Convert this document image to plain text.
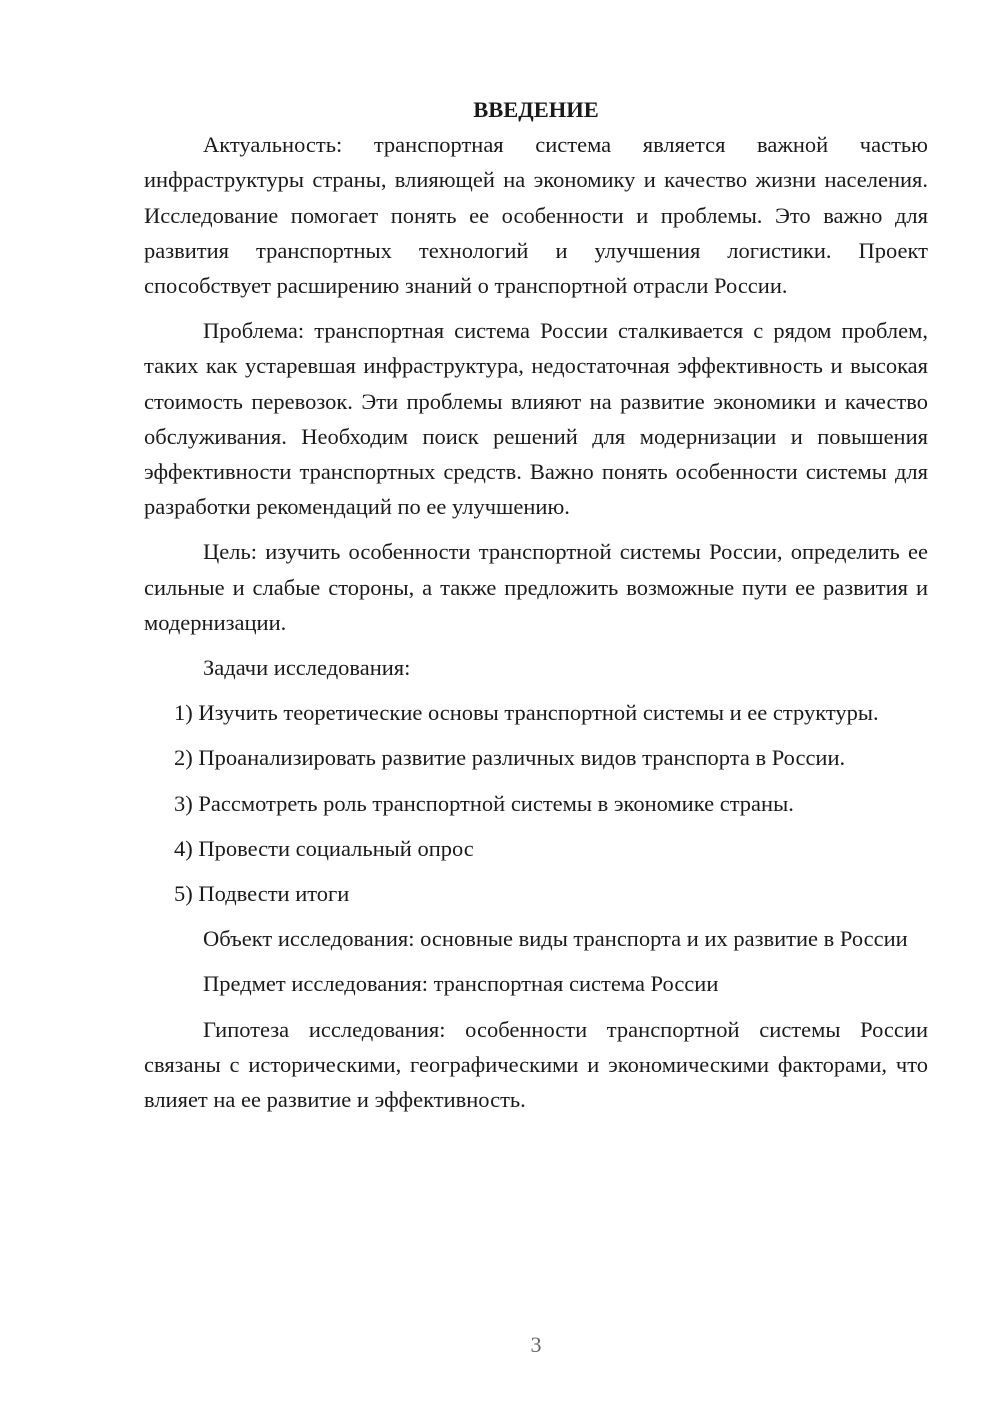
ВВЕДЕНИЕ

Актуальность: транспортная система является важной частью инфраструктуры страны, влияющей на экономику и качество жизни населения. Исследование помогает понять ее особенности и проблемы. Это важно для развития транспортных технологий и улучшения логистики. Проект способствует расширению знаний о транспортной отрасли России.

Проблема: транспортная система России сталкивается с рядом проблем, таких как устаревшая инфраструктура, недостаточная эффективность и высокая стоимость перевозок. Эти проблемы влияют на развитие экономики и качество обслуживания. Необходим поиск решений для модернизации и повышения эффективности транспортных средств. Важно понять особенности системы для разработки рекомендаций по ее улучшению.

Цель: изучить особенности транспортной системы России, определить ее сильные и слабые стороны, а также предложить возможные пути ее развития и модернизации.

Задачи исследования:

1) Изучить теоретические основы транспортной системы и ее структуры.

2) Проанализировать развитие различных видов транспорта в России.

3) Рассмотреть роль транспортной системы в экономике страны.

4) Провести социальный опрос

5) Подвести итоги

Объект исследования: основные виды транспорта и их развитие в России

Предмет исследования: транспортная система России

Гипотеза исследования: особенности транспортной системы России связаны с историческими, географическими и экономическими факторами, что влияет на ее развитие и эффективность.

3
